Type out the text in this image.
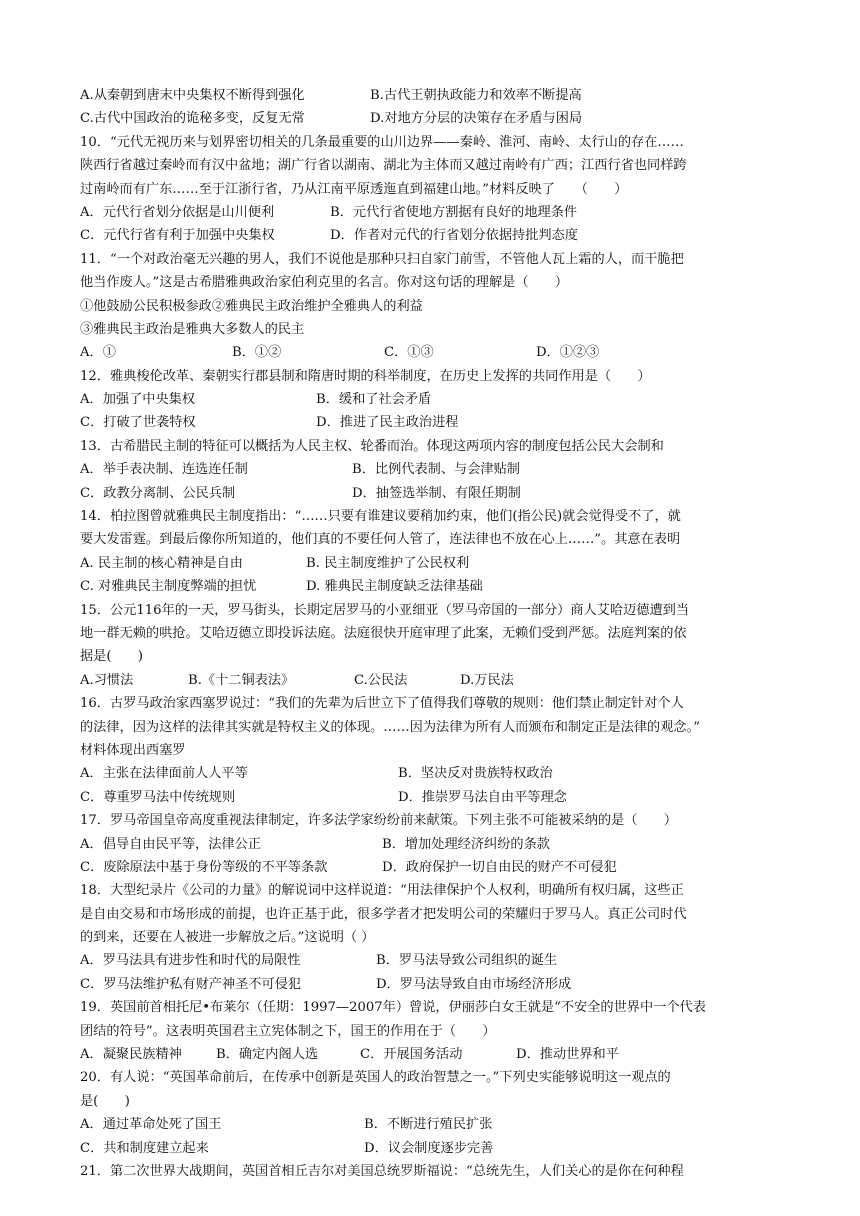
A.从秦朝到唐末中央集权不断得到强化	B.古代王朝执政能力和效率不断提高
C.古代中国政治的诡秘多变，反复无常	D.对地方分层的决策存在矛盾与困局
10．“元代无视历来与划界密切相关的几条最重要的山川边界——秦岭、淮河、南岭、太行山的存在……
陕西行省越过秦岭而有汉中盆地；湖广行省以湖南、湖北为主体而又越过南岭有广西；江西行省也同样跨
过南岭而有广东……至于江浙行省，乃从江南平原透迤直到福建山地。”材料反映了　　（　　）
A．元代行省划分依据是山川便利	B．元代行省使地方割据有良好的地理条件
C．元代行省有利于加强中央集权	D．作者对元代的行省划分依据持批判态度
11．“一个对政治毫无兴趣的男人，我们不说他是那种只扫自家门前雪，不管他人瓦上霜的人，而干脆把
他当作废人。”这是古希腊雅典政治家伯利克里的名言。你对这句话的理解是（　　）
①他鼓励公民积极参政②雅典民主政治维护全雅典人的利益
③雅典民主政治是雅典大多数人的民主
A．①	B．①②	C．①③	D．①②③
12．雅典梭伦改革、秦朝实行郡县制和隋唐时期的科举制度，在历史上发挥的共同作用是（　　）
A．加强了中央集权	B．缓和了社会矛盾
C．打破了世袭特权	D．推进了民主政治进程
13．古希腊民主制的特征可以概括为人民主权、轮番而治。体现这两项内容的制度包括公民大会制和
A．举手表决制、连选连任制	B．比例代表制、与会津贴制
C．政教分离制、公民兵制	D．抽签选举制、有限任期制
14．柏拉图曾就雅典民主制度指出：“……只要有谁建议要稍加约束，他们(指公民)就会觉得受不了，就
要大发雷霆。到最后像你所知道的，他们真的不要任何人管了，连法律也不放在心上……”。其意在表明
A. 民主制的核心精神是自由	B. 民主制度维护了公民权利
C. 对雅典民主制度弊端的担忧	D. 雅典民主制度缺乏法律基础
15．公元116年的一天，罗马街头，长期定居罗马的小亚细亚（罗马帝国的一部分）商人艾哈迈德遭到当
地一群无赖的哄抢。艾哈迈德立即投诉法庭。法庭很快开庭审理了此案，无赖们受到严惩。法庭判案的依
据是(　　)
A.习惯法	B.《十二铜表法》	C.公民法	D.万民法
16．古罗马政治家西塞罗说过：“我们的先辈为后世立下了值得我们尊敬的规则：他们禁止制定针对个人
的法律，因为这样的法律其实就是特权主义的体现。……因为法律为所有人而颁布和制定正是法律的观念。”
材料体现出西塞罗
A．主张在法律面前人人平等	B．坚决反对贵族特权政治
C．尊重罗马法中传统规则	D．推崇罗马法自由平等理念
17．罗马帝国皇帝高度重视法律制定，许多法学家纷纷前来献策。下列主张不可能被采纳的是（　　）
A．倡导自由民平等，法律公正	B．增加处理经济纠纷的条款
C．废除原法中基于身份等级的不平等条款	D．政府保护一切自由民的财产不可侵犯
18．大型纪录片《公司的力量》的解说词中这样说道：“用法律保护个人权利，明确所有权归属，这些正
是自由交易和市场形成的前提，也许正基于此，很多学者才把发明公司的荣耀归于罗马人。真正公司时代
的到来，还要在人被进一步解放之后。”这说明（ ）
A．罗马法具有进步性和时代的局限性	B．罗马法导致公司组织的诞生
C．罗马法维护私有财产神圣不可侵犯	D．罗马法导致自由市场经济形成
19．英国前首相托尼•布莱尔（任期：1997—2007年）曾说，伊丽莎白女王就是“不安全的世界中一个代表
团结的符号”。这表明英国君主立宪体制之下，国王的作用在于（　　）
A．凝聚民族精神	B．确定内阁人选	C．开展国务活动	D．推动世界和平
20．有人说：“英国革命前后，在传承中创新是英国人的政治智慧之一。”下列史实能够说明这一观点的
是(　　)
A．通过革命处死了国王	B．不断进行殖民扩张
C．共和制度建立起来	D．议会制度逐步完善
21．第二次世界大战期间，英国首相丘吉尔对美国总统罗斯福说：“总统先生，人们关心的是你在何种程
